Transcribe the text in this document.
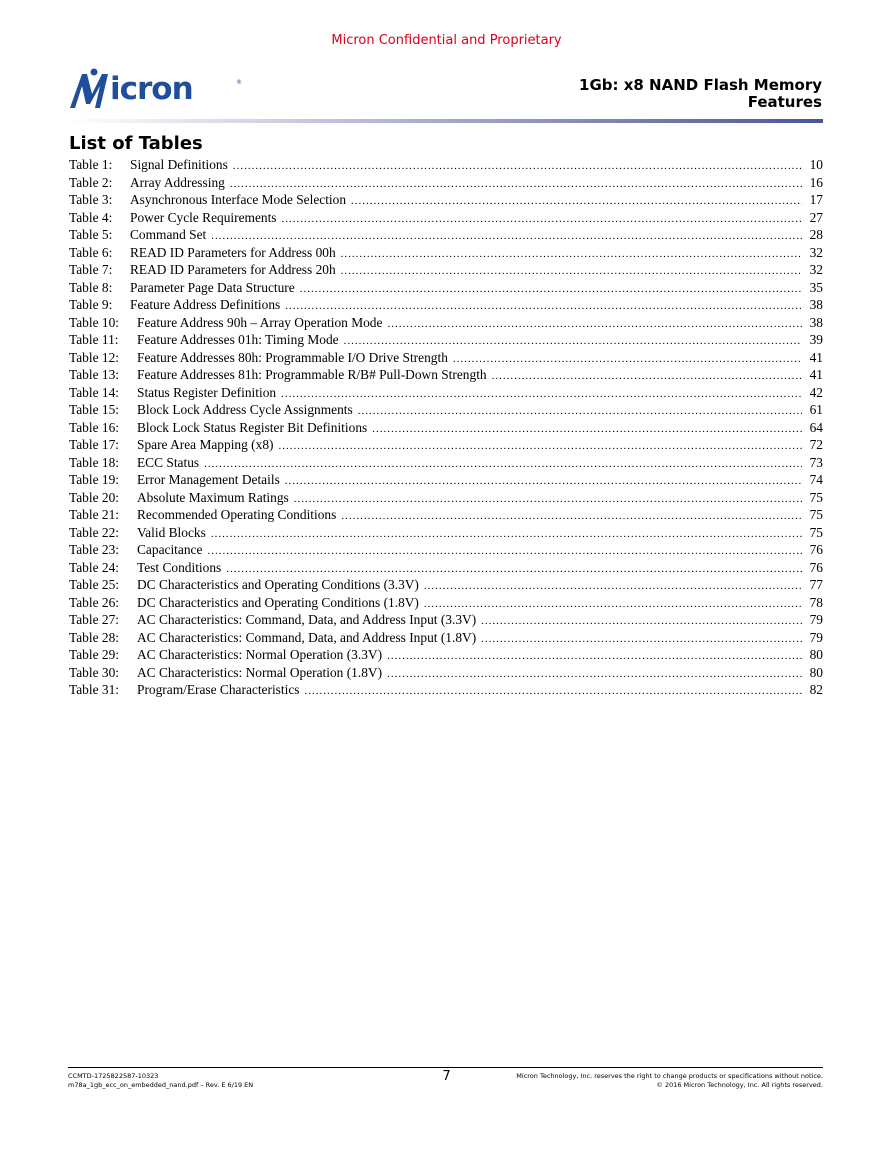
Micron Confidential and Proprietary
icron	®	1Gb: x8 NAND Flash Memory
Features
List of Tables
Table 1:	Signal Definitions .....	10
Table 2:	Array Addressing .....	16
Table 3:	Asynchronous Interface Mode Selection .....	17
Table 4:	Power Cycle Requirements .....	27
Table 5:	Command Set .....	28
Table 6:	READ ID Parameters for Address 00h .....	32
Table 7:	READ ID Parameters for Address 20h .....	32
Table 8:	Parameter Page Data Structure .....	35
Table 9:	Feature Address Definitions .....	38
Table 10:	Feature Address 90h – Array Operation Mode .....	38
Table 11:	Feature Addresses 01h: Timing Mode .....	39
Table 12:	Feature Addresses 80h: Programmable I/O Drive Strength .....	41
Table 13:	Feature Addresses 81h: Programmable R/B# Pull-Down Strength .....	41
Table 14:	Status Register Definition .....	42
Table 15:	Block Lock Address Cycle Assignments .....	61
Table 16:	Block Lock Status Register Bit Definitions .....	64
Table 17:	Spare Area Mapping (x8) .....	72
Table 18:	ECC Status .....	73
Table 19:	Error Management Details .....	74
Table 20:	Absolute Maximum Ratings .....	75
Table 21:	Recommended Operating Conditions .....	75
Table 22:	Valid Blocks .....	75
Table 23:	Capacitance .....	76
Table 24:	Test Conditions .....	76
Table 25:	DC Characteristics and Operating Conditions (3.3V) .....	77
Table 26:	DC Characteristics and Operating Conditions (1.8V) .....	78
Table 27:	AC Characteristics: Command, Data, and Address Input (3.3V) .....	79
Table 28:	AC Characteristics: Command, Data, and Address Input (1.8V) .....	79
Table 29:	AC Characteristics: Normal Operation (3.3V) .....	80
Table 30:	AC Characteristics: Normal Operation (1.8V) .....	80
Table 31:	Program/Erase Characteristics .....	82
CCMTD-1725822587-10323
m78a_1gb_ecc_on_embedded_nand.pdf – Rev. E 6/19 EN
7	Micron Technology, Inc. reserves the right to change products or specifications without notice.
© 2016 Micron Technology, Inc. All rights reserved.
